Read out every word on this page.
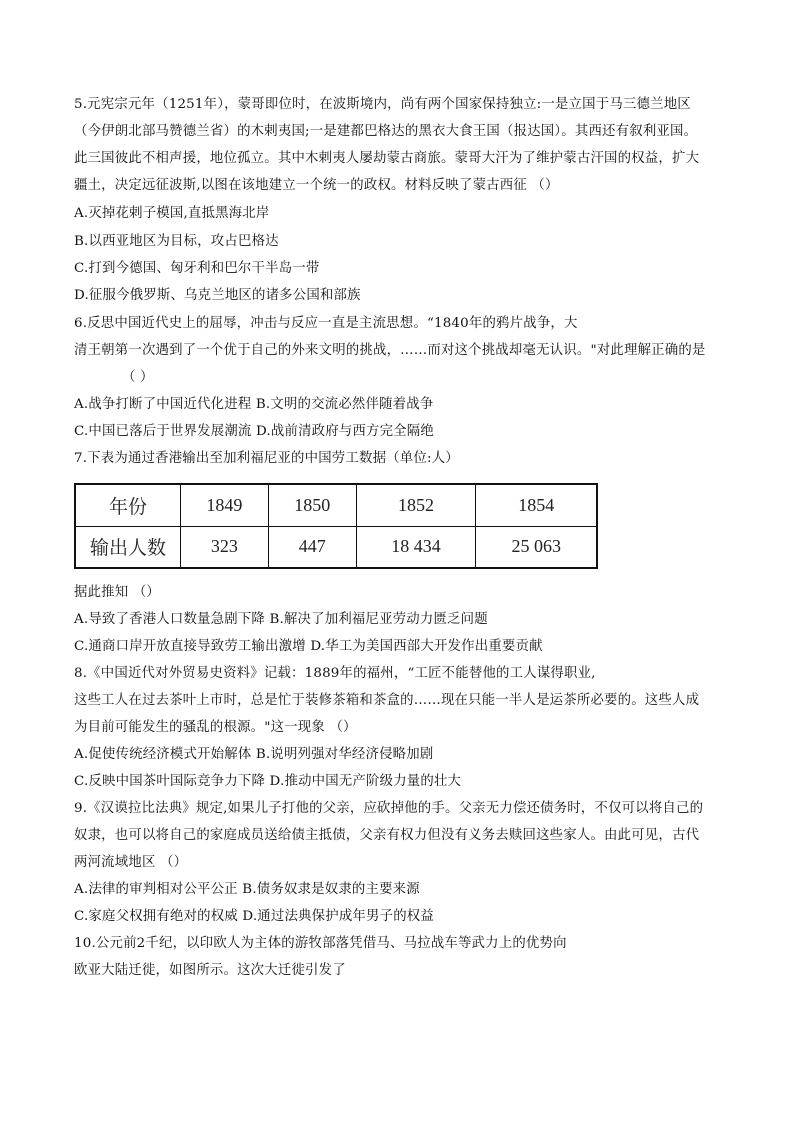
5.元宪宗元年（1251年），蒙哥即位时，在波斯境内，尚有两个国家保持独立:一是立国于马三德兰地区
（今伊朗北部马赞德兰省）的木剌夷国;一是建都巴格达的黑衣大食王国（报达国）。其西还有叙利亚国。
此三国彼此不相声援，地位孤立。其中木剌夷人屡劫蒙古商旅。蒙哥大汗为了维护蒙古汗国的权益，扩大
疆土，决定远征波斯,以图在该地建立一个统一的政权。材料反映了蒙古西征 （）
A.灭掉花剌子模国,直抵黑海北岸
B.以西亚地区为目标，攻占巴格达
C.打到今德国、匈牙利和巴尔干半岛一带
D.征服今俄罗斯、乌克兰地区的诸多公国和部族
6.反思中国近代史上的屈辱，冲击与反应一直是主流思想。“1840年的鸦片战争，大
清王朝第一次遇到了一个优于自己的外来文明的挑战，……而对这个挑战却毫无认识。"对此理解正确的是
（ ）
A.战争打断了中国近代化进程 B.文明的交流必然伴随着战争
C.中国已落后于世界发展潮流 D.战前清政府与西方完全隔绝
7.下表为通过香港输出至加利福尼亚的中国劳工数据（单位:人）
年份	1849	1850	1852	1854
输出人数	323	447	18 434	25 063
据此推知 （）
A.导致了香港人口数量急剧下降 B.解决了加利福尼亚劳动力匮乏问题
C.通商口岸开放直接导致劳工输出激增 D.华工为美国西部大开发作出重要贡献
8.《中国近代对外贸易史资料》记载：1889年的福州，“工匠不能替他的工人谋得职业,
这些工人在过去茶叶上市时，总是忙于装修茶箱和茶盒的……现在只能一半人是运茶所必要的。这些人成
为目前可能发生的骚乱的根源。"这一现象 （）
A.促使传统经济模式开始解体 B.说明列强对华经济侵略加剧
C.反映中国茶叶国际竞争力下降 D.推动中国无产阶级力量的壮大
9.《汉谟拉比法典》规定,如果儿子打他的父亲，应砍掉他的手。父亲无力偿还债务时，不仅可以将自己的
奴隶，也可以将自己的家庭成员送给债主抵债，父亲有权力但没有义务去赎回这些家人。由此可见，古代
两河流域地区 （）
A.法律的审判相对公平公正 B.债务奴隶是奴隶的主要来源
C.家庭父权拥有绝对的权威 D.通过法典保护成年男子的权益
10.公元前2千纪，以印欧人为主体的游牧部落凭借马、马拉战车等武力上的优势向
欧亚大陆迁徙，如图所示。这次大迁徙引发了
